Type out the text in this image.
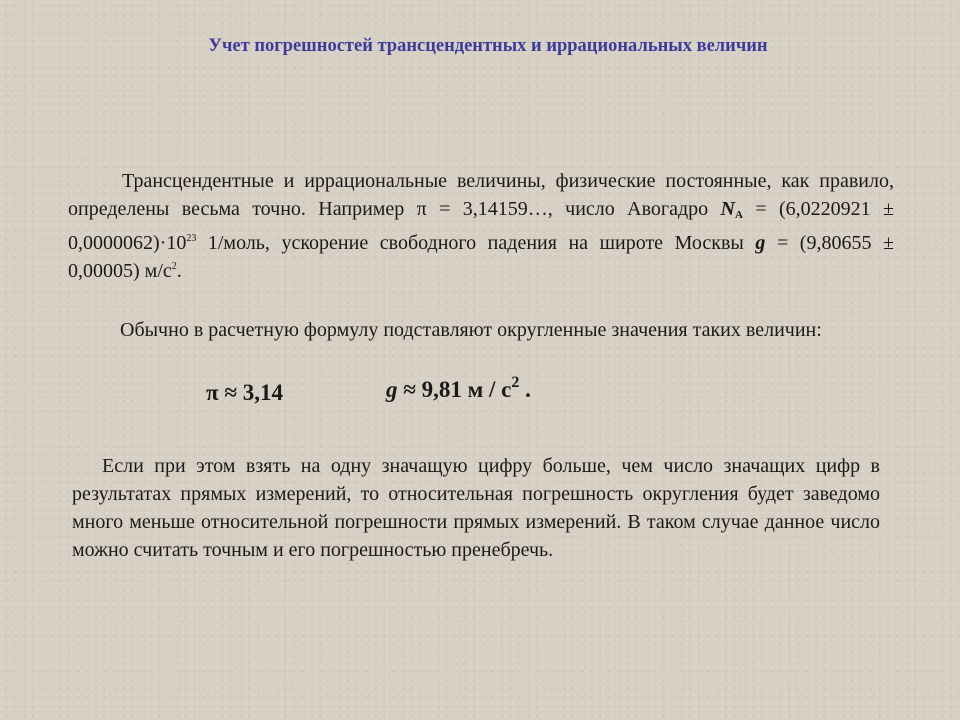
Учет погрешностей трансцендентных и иррациональных величин

Трансцендентные и иррациональные величины, физические постоянные, как правило, определены весьма точно. Например π = 3,14159…, число Авогадро $N_A = (6,0220921 \pm 0,0000062)\cdot 10^{23}$ 1/моль, ускорение свободного падения на широте Москвы g = (9,80655 ± 0,00005) $м/с^2$.

Обычно в расчетную формулу подставляют округленные значения таких величин:

π ≈ 3,14	g ≈ 9,81 м / $с^2$ .

Если при этом взять на одну значащую цифру больше, чем число значащих цифр в результатах прямых измерений, то относительная погрешность округления будет заведомо много меньше относительной погрешности прямых измерений. В таком случае данное число можно считать точным и его погрешностью пренебречь.
